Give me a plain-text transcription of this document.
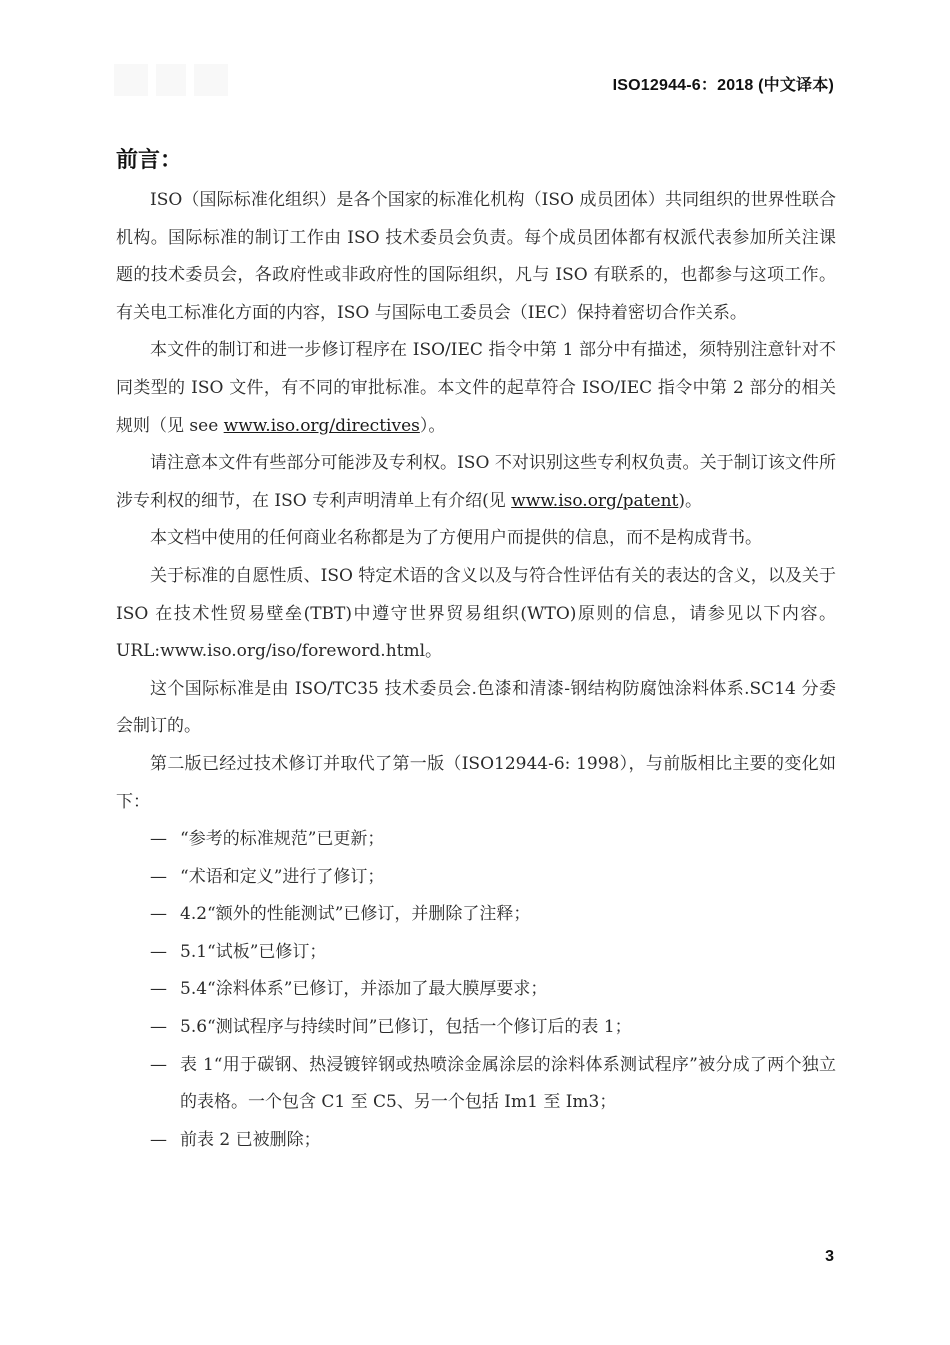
ISO12944-6：2018 (中文译本)
前言：

ISO（国际标准化组织）是各个国家的标准化机构（ISO 成员团体）共同组织的世界性联合机构。国际标准的制订工作由 ISO 技术委员会负责。每个成员团体都有权派代表参加所关注课题的技术委员会，各政府性或非政府性的国际组织，凡与 ISO 有联系的，也都参与这项工作。有关电工标准化方面的内容，ISO 与国际电工委员会（IEC）保持着密切合作关系。

本文件的制订和进一步修订程序在 ISO/IEC 指令中第 1 部分中有描述，须特别注意针对不同类型的 ISO 文件，有不同的审批标准。本文件的起草符合 ISO/IEC 指令中第 2 部分的相关规则（见 see www.iso.org/directives）。

请注意本文件有些部分可能涉及专利权。ISO 不对识别这些专利权负责。关于制订该文件所涉专利权的细节，在 ISO 专利声明清单上有介绍(见 www.iso.org/patent)。

本文档中使用的任何商业名称都是为了方便用户而提供的信息，而不是构成背书。

关于标准的自愿性质、ISO 特定术语的含义以及与符合性评估有关的表达的含义，以及关于 ISO 在技术性贸易壁垒(TBT)中遵守世界贸易组织(WTO)原则的信息，请参见以下内容。URL:www.iso.org/iso/foreword.html。

这个国际标准是由 ISO/TC35 技术委员会.色漆和清漆-钢结构防腐蚀涂料体系.SC14 分委会制订的。

第二版已经过技术修订并取代了第一版（ISO12944-6: 1998），与前版相比主要的变化如下：

— “参考的标准规范”已更新；
— “术语和定义”进行了修订；
— 4.2“额外的性能测试”已修订，并删除了注释；
— 5.1“试板”已修订；
— 5.4“涂料体系”已修订，并添加了最大膜厚要求；
— 5.6“测试程序与持续时间”已修订，包括一个修订后的表 1；
— 表 1“用于碳钢、热浸镀锌钢或热喷涂金属涂层的涂料体系测试程序”被分成了两个独立的表格。一个包含 C1 至 C5、另一个包括 Im1 至 Im3；
— 前表 2 已被删除；
3
